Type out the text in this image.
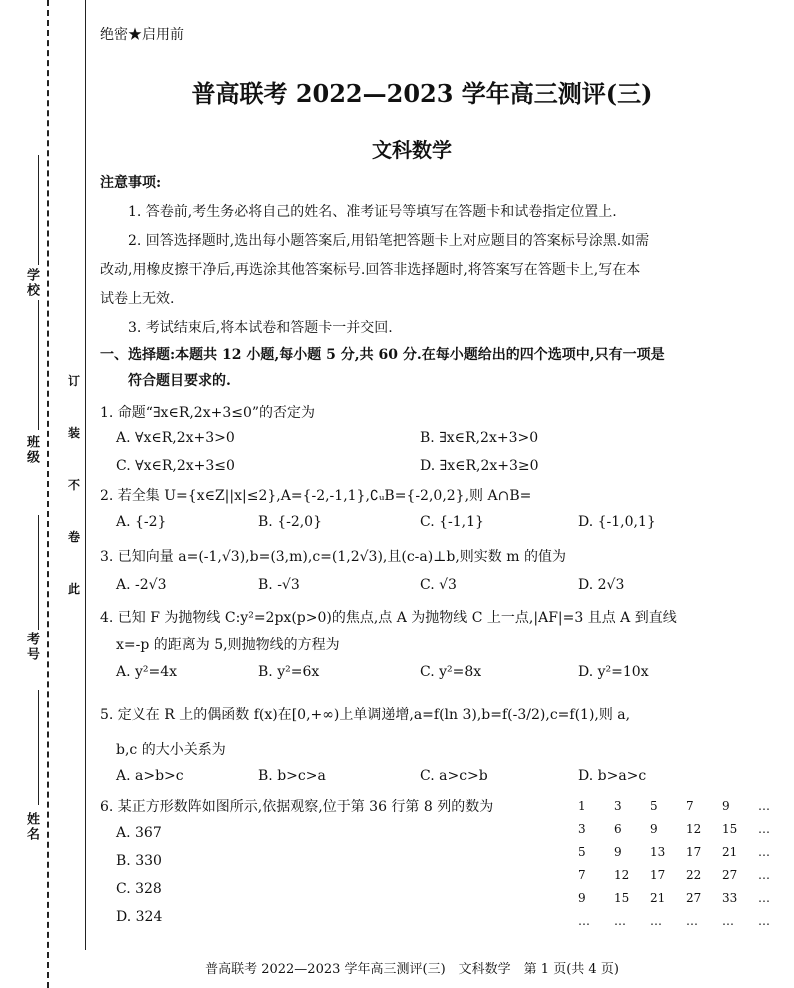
学校
班级
考号
姓名
订
装
不
卷
此
绝密★启用前
普高联考 2022—2023 学年高三测评(三)
文科数学
注意事项:
1. 答卷前,考生务必将自己的姓名、准考证号等填写在答题卡和试卷指定位置上.
2. 回答选择题时,选出每小题答案后,用铅笔把答题卡上对应题目的答案标号涂黑.如需
改动,用橡皮擦干净后,再选涂其他答案标号.回答非选择题时,将答案写在答题卡上,写在本
试卷上无效.
3. 考试结束后,将本试卷和答题卡一并交回.
一、选择题:本题共 12 小题,每小题 5 分,共 60 分.在每小题给出的四个选项中,只有一项是
符合题目要求的.
1. 命题“∃x∈R,2x+3≤0”的否定为
A. ∀x∈R,2x+3>0	B. ∃x∈R,2x+3>0
C. ∀x∈R,2x+3≤0	D. ∃x∈R,2x+3≥0
2. 若全集 U={x∈Z||x|≤2},A={-2,-1,1},∁ᵤB={-2,0,2},则 A∩B=
A. {-2}	B. {-2,0}	C. {-1,1}	D. {-1,0,1}
3. 已知向量 a=(-1,√3),b=(3,m),c=(1,2√3),且(c-a)⊥b,则实数 m 的值为
A. -2√3	B. -√3	C. √3	D. 2√3
4. 已知 F 为抛物线 C:y²=2px(p>0)的焦点,点 A 为抛物线 C 上一点,|AF|=3 且点 A 到直线
x=-p 的距离为 5,则抛物线的方程为
A. y²=4x	B. y²=6x	C. y²=8x	D. y²=10x
5. 定义在 R 上的偶函数 f(x)在[0,+∞)上单调递增,a=f(ln 3),b=f(-3/2),c=f(1),则 a,
b,c 的大小关系为
A. a>b>c	B. b>c>a	C. a>c>b	D. b>a>c
6. 某正方形数阵如图所示,依据观察,位于第 36 行第 8 列的数为
A. 367
B. 330
C. 328
D. 324
1	3	5	7	9	…
3	6	9	12	15	…
5	9	13	17	21	…
7	12	17	22	27	…
9	15	21	27	33	…
…	…	…	…	…	…
普高联考 2022—2023 学年高三测评(三)　文科数学　第 1 页(共 4 页)
